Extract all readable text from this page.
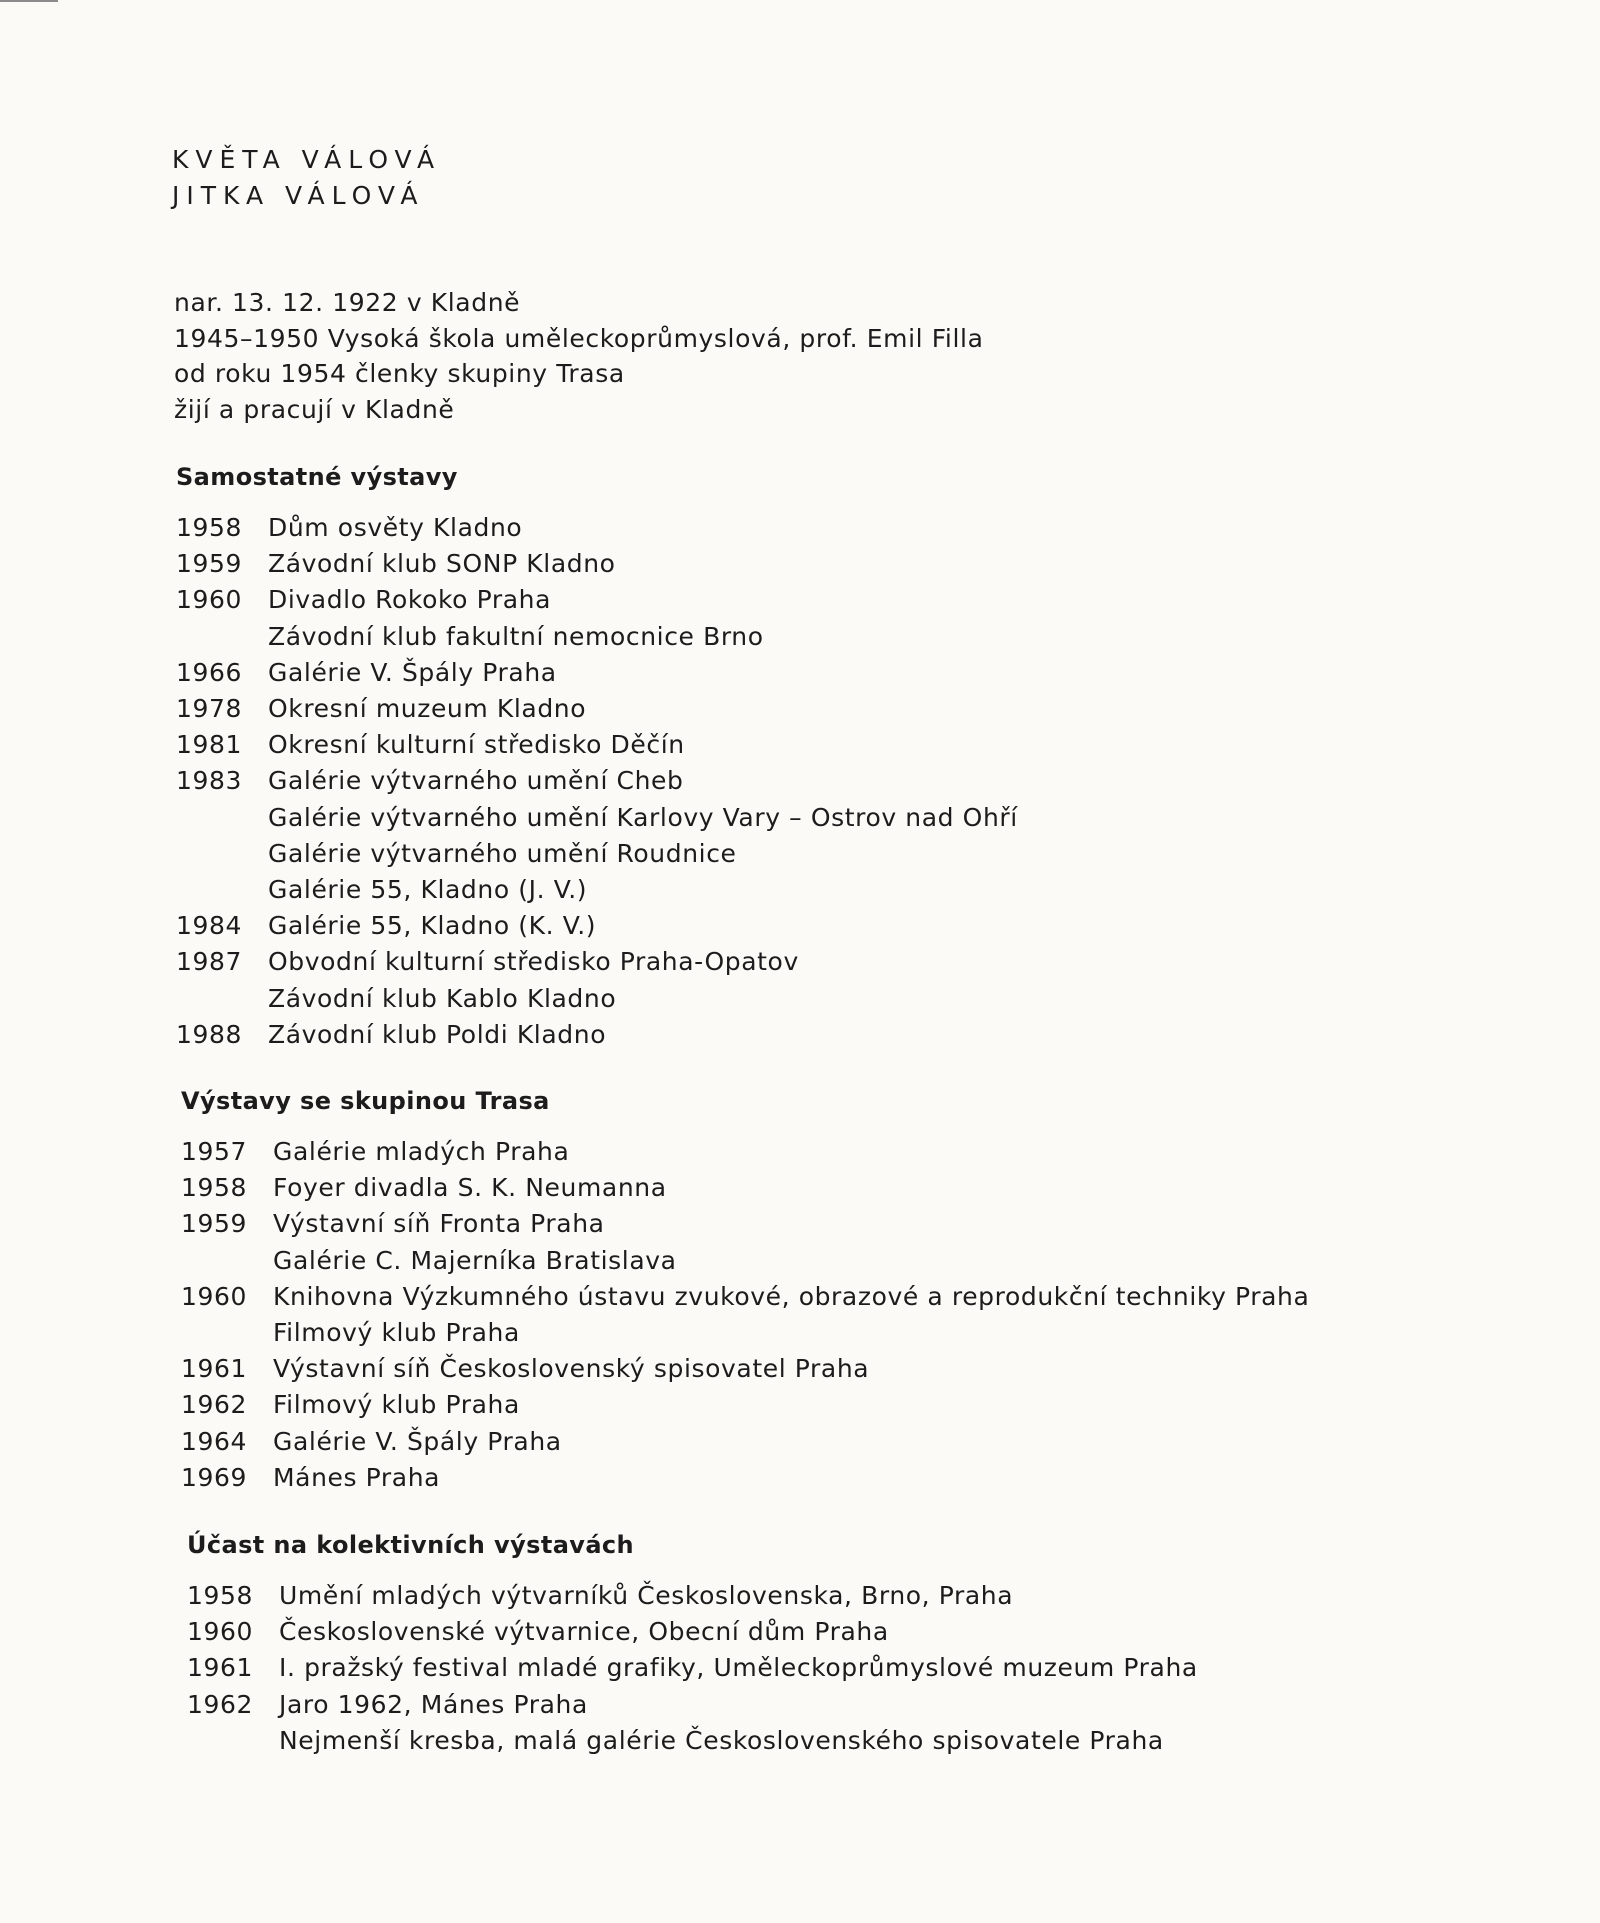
KVĚTA VÁLOVÁ
JITKA VÁLOVÁ
nar. 13. 12. 1922 v Kladně
1945–1950 Vysoká škola uměleckoprůmyslová, prof. Emil Filla
od roku 1954 členky skupiny Trasa
žijí a pracují v Kladně
Samostatné výstavy
1958	Dům osvěty Kladno
1959	Závodní klub SONP Kladno
1960	Divadlo Rokoko Praha
Závodní klub fakultní nemocnice Brno
1966	Galérie V. Špály Praha
1978	Okresní muzeum Kladno
1981	Okresní kulturní středisko Děčín
1983	Galérie výtvarného umění Cheb
Galérie výtvarného umění Karlovy Vary – Ostrov nad Ohří
Galérie výtvarného umění Roudnice
Galérie 55, Kladno (J. V.)
1984	Galérie 55, Kladno (K. V.)
1987	Obvodní kulturní středisko Praha-Opatov
Závodní klub Kablo Kladno
1988	Závodní klub Poldi Kladno
Výstavy se skupinou Trasa
1957	Galérie mladých Praha
1958	Foyer divadla S. K. Neumanna
1959	Výstavní síň Fronta Praha
Galérie C. Majerníka Bratislava
1960	Knihovna Výzkumného ústavu zvukové, obrazové a reprodukční techniky Praha
Filmový klub Praha
1961	Výstavní síň Československý spisovatel Praha
1962	Filmový klub Praha
1964	Galérie V. Špály Praha
1969	Mánes Praha
Účast na kolektivních výstavách
1958	Umění mladých výtvarníků Československa, Brno, Praha
1960	Československé výtvarnice, Obecní dům Praha
1961	I. pražský festival mladé grafiky, Uměleckoprůmyslové muzeum Praha
1962	Jaro 1962, Mánes Praha
Nejmenší kresba, malá galérie Československého spisovatele Praha
